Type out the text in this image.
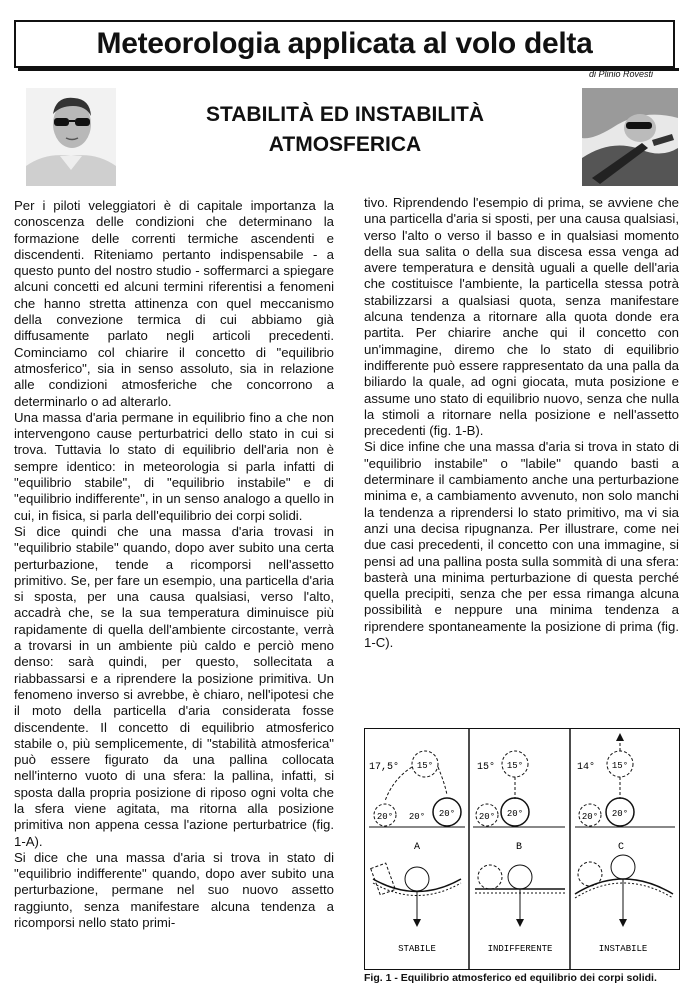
Meteorologia applicata al volo delta
di Plinio Rovesti
STABILITÀ ED INSTABILITÀ
ATMOSFERICA

Per i piloti veleggiatori è di capitale importanza la conoscenza delle condizioni che determinano la formazione delle correnti termiche ascendenti e discendenti. Riteniamo pertanto indispensabile - a questo punto del nostro studio - soffermarci a spiegare alcuni concetti ed alcuni termini riferentisi a fenomeni che hanno stretta attinenza con quel meccanismo della convezione termica di cui abbiamo già diffusamente parlato negli articoli precedenti. Cominciamo col chiarire il concetto di "equilibrio atmosferico", sia in senso assoluto, sia in relazione alle condizioni atmosferiche che concorrono a determinarlo o ad alterarlo.

Una massa d'aria permane in equilibrio fino a che non intervengono cause perturbatrici dello stato in cui si trova. Tuttavia lo stato di equilibrio dell'aria non è sempre identico: in meteorologia si parla infatti di "equilibrio stabile", di "equilibrio instabile" e di "equilibrio indifferente", in un senso analogo a quello in cui, in fisica, si parla dell'equilibrio dei corpi solidi.

Si dice quindi che una massa d'aria trovasi in "equilibrio stabile" quando, dopo aver subito una certa perturbazione, tende a ricomporsi nell'assetto primitivo. Se, per fare un esempio, una particella d'aria si sposta, per una causa qualsiasi, verso l'alto, accadrà che, se la sua temperatura diminuisce più rapidamente di quella dell'ambiente circostante, verrà a trovarsi in un ambiente più caldo e perciò meno denso: sarà quindi, per questo, sollecitata a riabbassarsi e a riprendere la posizione primitiva. Un fenomeno inverso si avrebbe, è chiaro, nell'ipotesi che il moto della particella d'aria considerata fosse discendente. Il concetto di equilibrio atmosferico stabile o, più semplicemente, di "stabilità atmosferica" può essere figurato da una pallina collocata nell'interno vuoto di una sfera: la pallina, infatti, si sposta dalla propria posizione di riposo ogni volta che la sfera viene agitata, ma ritorna alla posizione primitiva non appena cessa l'azione perturbatrice (fig. 1-A).

Si dice che una massa d'aria si trova in stato di "equilibrio indifferente" quando, dopo aver subito una perturbazione, permane nel suo nuovo assetto raggiunto, senza manifestare alcuna tendenza a ricomporsi nello stato primi-

tivo. Riprendendo l'esempio di prima, se avviene che una particella d'aria si sposti, per una causa qualsiasi, verso l'alto o verso il basso e in qualsiasi momento della sua salita o della sua discesa essa venga ad avere temperatura e densità uguali a quelle dell'aria che costituisce l'ambiente, la particella stessa potrà stabilizzarsi a qualsiasi quota, senza manifestare alcuna tendenza a ritornare alla quota donde era partita. Per chiarire anche qui il concetto con un'immagine, diremo che lo stato di equilibrio indifferente può essere rappresentato da una palla da biliardo la quale, ad ogni giocata, muta posizione e assume uno stato di equilibrio nuovo, senza che nulla la stimoli a ritornare nella posizione e nell'assetto precedenti (fig. 1-B).

Si dice infine che una massa d'aria si trova in stato di "equilibrio instabile" o "labile" quando basti a determinare il cambiamento anche una perturbazione minima e, a cambiamento avvenuto, non solo manchi la tendenza a riprendersi lo stato primitivo, ma vi sia anzi una decisa ripugnanza. Per illustrare, come nei due casi precedenti, il concetto con una immagine, si pensi ad una pallina posta sulla sommità di una sfera: basterà una minima perturbazione di questa perché quella precipiti, senza che per essa rimanga alcuna possibilità e neppure una minima tendenza a riprendere spontaneamente la posizione di prima (fig. 1-C).

17,5° 15°
20° 20° 20°
A
STABILE
15° 15°
20° 20°
B
INDIFFERENTE
14° 15°
20° 20°
C
INSTABILE
Fig. 1 - Equilibrio atmosferico ed equilibrio dei corpi solidi.
